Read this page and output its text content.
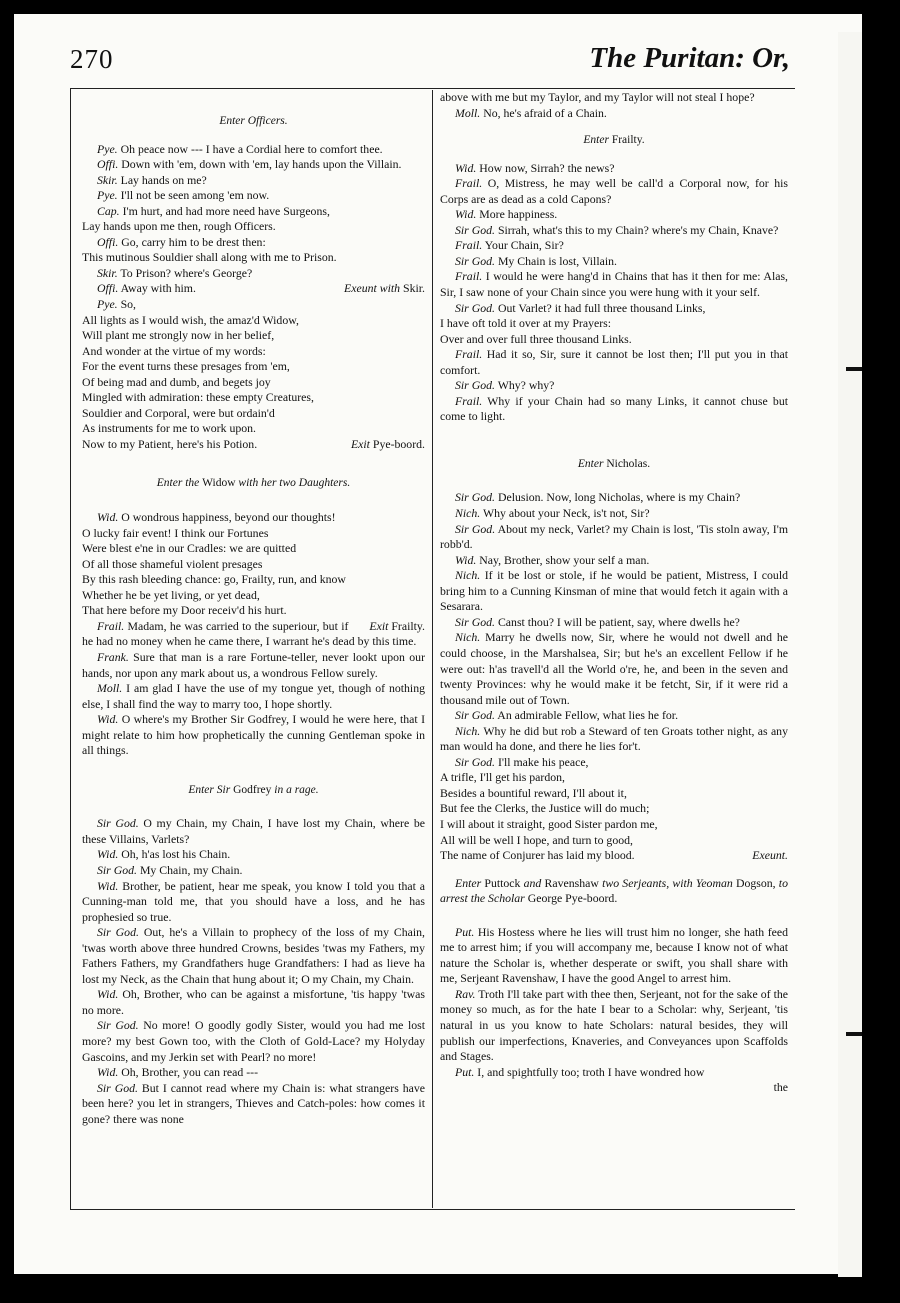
270	The Puritan: Or,

Enter Officers.

Pye. Oh peace now --- I have a Cordial here to comfort thee.

Offi. Down with 'em, down with 'em, lay hands upon the Villain.

Skir. Lay hands on me?

Pye. I'll not be seen among 'em now.

Cap. I'm hurt, and had more need have Surgeons,

Lay hands upon me then, rough Officers.

Offi. Go, carry him to be drest then:

This mutinous Souldier shall along with me to Prison.

Skir. To Prison? where's George?

Exeunt with Skir.
Offi. Away with him.

Pye. So,

All lights as I would wish, the amaz'd Widow,

Will plant me strongly now in her belief,

And wonder at the virtue of my words:

For the event turns these presages from 'em,

Of being mad and dumb, and begets joy

Mingled with admiration: these empty Creatures,

Souldier and Corporal, were but ordain'd

As instruments for me to work upon.

Exit Pye-boord.
Now to my Patient, here's his Potion.

Enter the Widow with her two Daughters.

Wid. O wondrous happiness, beyond our thoughts!

O lucky fair event! I think our Fortunes

Were blest e'ne in our Cradles: we are quitted

Of all those shameful violent presages

By this rash bleeding chance: go, Frailty, run, and know

Whether he be yet living, or yet dead,

That here before my Door receiv'd his hurt.

Exit Frailty.
Frail. Madam, he was carried to the superiour, but if he had no money when he came there, I warrant he's dead by this time.

Frank. Sure that man is a rare Fortune-teller, never lookt upon our hands, nor upon any mark about us, a wondrous Fellow surely.

Moll. I am glad I have the use of my tongue yet, though of nothing else, I shall find the way to marry too, I hope shortly.

Wid. O where's my Brother Sir Godfrey, I would he were here, that I might relate to him how prophetically the cunning Gentleman spoke in all things.

Enter Sir Godfrey in a rage.

Sir God. O my Chain, my Chain, I have lost my Chain, where be these Villains, Varlets?

Wid. Oh, h'as lost his Chain.

Sir God. My Chain, my Chain.

Wid. Brother, be patient, hear me speak, you know I told you that a Cunning-man told me, that you should have a loss, and he has prophesied so true.

Sir God. Out, he's a Villain to prophecy of the loss of my Chain, 'twas worth above three hundred Crowns, besides 'twas my Fathers, my Fathers Fathers, my Grandfathers huge Grandfathers: I had as lieve ha lost my Neck, as the Chain that hung about it; O my Chain, my Chain.

Wid. Oh, Brother, who can be against a misfortune, 'tis happy 'twas no more.

Sir God. No more! O goodly godly Sister, would you had me lost more? my best Gown too, with the Cloth of Gold-Lace? my Holyday Gascoins, and my Jerkin set with Pearl? no more!

Wid. Oh, Brother, you can read ---

Sir God. But I cannot read where my Chain is: what strangers have been here? you let in strangers, Thieves and Catch-poles: how comes it gone? there was none

above with me but my Taylor, and my Taylor will not steal I hope?

Moll. No, he's afraid of a Chain.

Enter Frailty.

Wid. How now, Sirrah? the news?

Frail. O, Mistress, he may well be call'd a Corporal now, for his Corps are as dead as a cold Capons?

Wid. More happiness.

Sir God. Sirrah, what's this to my Chain? where's my Chain, Knave?

Frail. Your Chain, Sir?

Sir God. My Chain is lost, Villain.

Frail. I would he were hang'd in Chains that has it then for me: Alas, Sir, I saw none of your Chain since you were hung with it your self.

Sir God. Out Varlet? it had full three thousand Links,

I have oft told it over at my Prayers:

Over and over full three thousand Links.

Frail. Had it so, Sir, sure it cannot be lost then; I'll put you in that comfort.

Sir God. Why? why?

Frail. Why if your Chain had so many Links, it cannot chuse but come to light.

Enter Nicholas.

Sir God. Delusion. Now, long Nicholas, where is my Chain?

Nich. Why about your Neck, is't not, Sir?

Sir God. About my neck, Varlet? my Chain is lost, 'Tis stoln away, I'm robb'd.

Wid. Nay, Brother, show your self a man.

Nich. If it be lost or stole, if he would be patient, Mistress, I could bring him to a Cunning Kinsman of mine that would fetch it again with a Sesarara.

Sir God. Canst thou? I will be patient, say, where dwells he?

Nich. Marry he dwells now, Sir, where he would not dwell and he could choose, in the Marshalsea, Sir; but he's an excellent Fellow if he were out: h'as travell'd all the World o're, he, and been in the seven and twenty Provinces: why he would make it be fetcht, Sir, if it were rid a thousand mile out of Town.

Sir God. An admirable Fellow, what lies he for.

Nich. Why he did but rob a Steward of ten Groats tother night, as any man would ha done, and there he lies for't.

Sir God. I'll make his peace,

A trifle, I'll get his pardon,

Besides a bountiful reward, I'll about it,

But fee the Clerks, the Justice will do much;

I will about it straight, good Sister pardon me,

All will be well I hope, and turn to good,

Exeunt.
The name of Conjurer has laid my blood.

Enter Puttock and Ravenshaw two Serjeants, with Yeoman Dogson, to arrest the Scholar George Pye-boord.

Put. His Hostess where he lies will trust him no longer, she hath feed me to arrest him; if you will accompany me, because I know not of what nature the Scholar is, whether desperate or swift, you shall share with me, Serjeant Ravenshaw, I have the good Angel to arrest him.

Rav. Troth I'll take part with thee then, Serjeant, not for the sake of the money so much, as for the hate I bear to a Scholar: why, Serjeant, 'tis natural in us you know to hate Scholars: natural besides, they will publish our imperfections, Knaveries, and Conveyances upon Scaffolds and Stages.

Put. I, and spightfully too; troth I have wondred how

the
